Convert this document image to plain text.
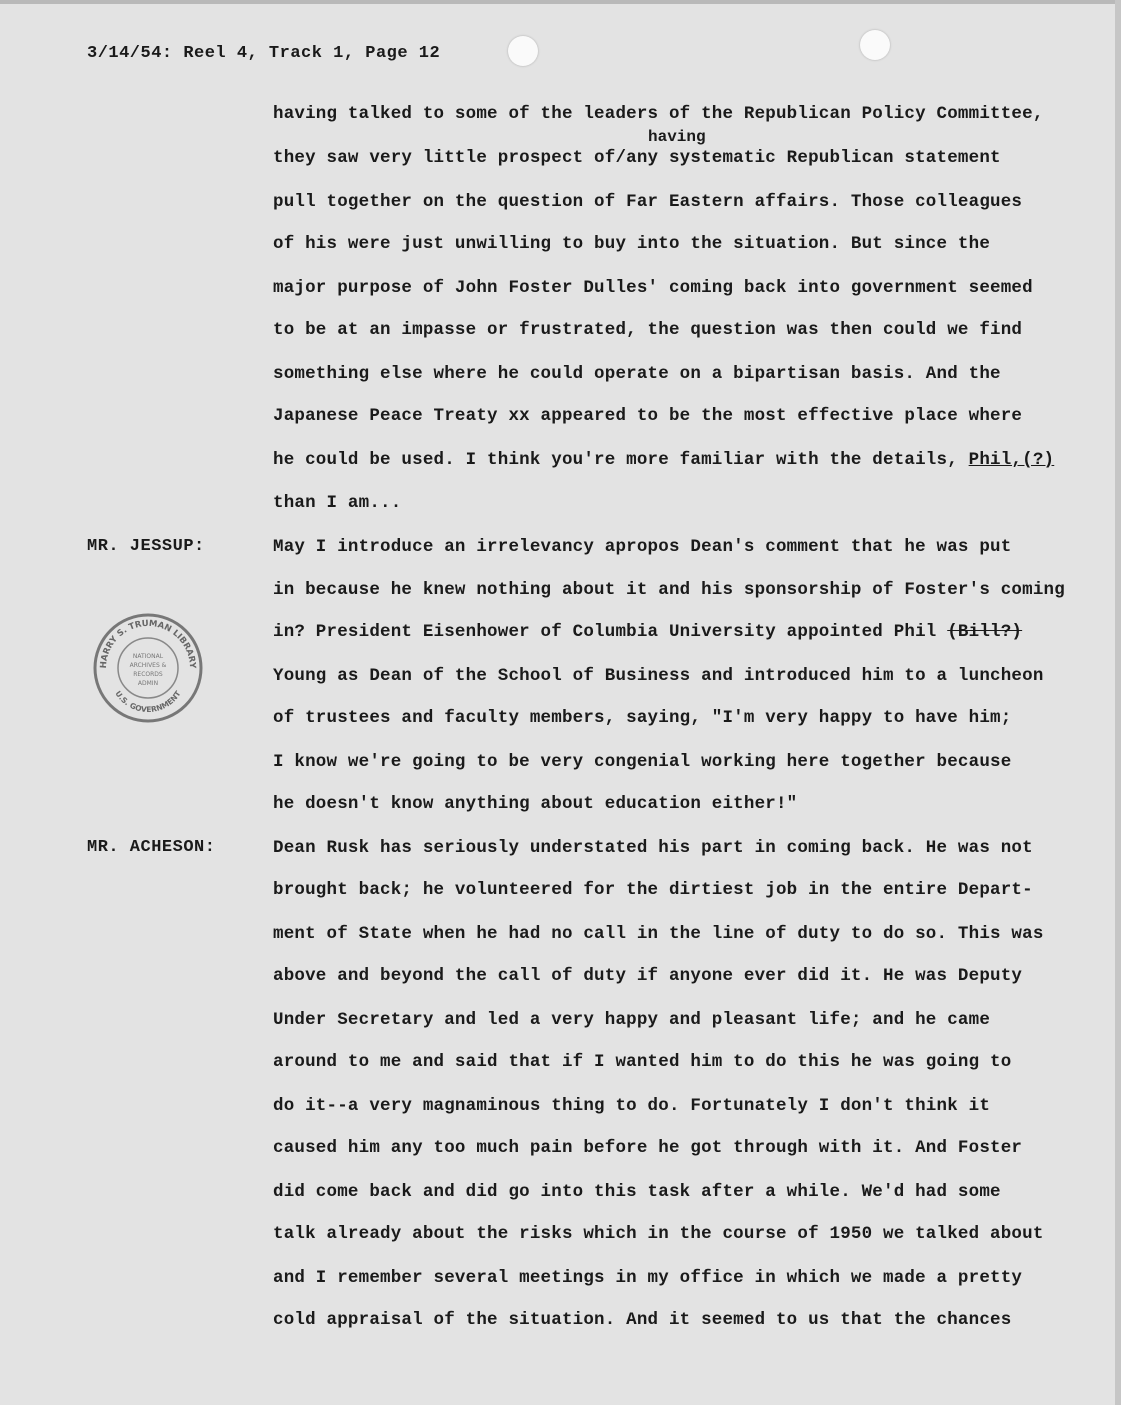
3/14/54: Reel 4, Track 1, Page 12
having
having talked to some of the leaders of the Republican Policy Committee,
they saw very little prospect of/any systematic Republican statement
pull together on the question of Far Eastern affairs. Those colleagues
of his were just unwilling to buy into the situation. But since the
major purpose of John Foster Dulles' coming back into government seemed
to be at an impasse or frustrated, the question was then could we find
something else where he could operate on a bipartisan basis. And the
Japanese Peace Treaty xx appeared to be the most effective place where
he could be used. I think you're more familiar with the details, Phil,(?)
than I am...
MR. JESSUP:	May I introduce an irrelevancy apropos Dean's comment that he was put
in because he knew nothing about it and his sponsorship of Foster's coming
in? President Eisenhower of Columbia University appointed Phil (Bill?)
Young as Dean of the School of Business and introduced him to a luncheon
of trustees and faculty members, saying, "I'm very happy to have him;
I know we're going to be very congenial working here together because
he doesn't know anything about education either!"
MR. ACHESON:	Dean Rusk has seriously understated his part in coming back. He was not
brought back; he volunteered for the dirtiest job in the entire Depart-
ment of State when he had no call in the line of duty to do so. This was
above and beyond the call of duty if anyone ever did it. He was Deputy
Under Secretary and led a very happy and pleasant life; and he came
around to me and said that if I wanted him to do this he was going to
do it--a very magnaminous thing to do. Fortunately I don't think it
caused him any too much pain before he got through with it. And Foster
did come back and did go into this task after a while. We'd had some
talk already about the risks which in the course of 1950 we talked about
and I remember several meetings in my office in which we made a pretty
cold appraisal of the situation. And it seemed to us that the chances
HARRY S. TRUMAN LIBRARY
U.S. GOVERNMENT
NATIONAL
ARCHIVES &
RECORDS
ADMIN
